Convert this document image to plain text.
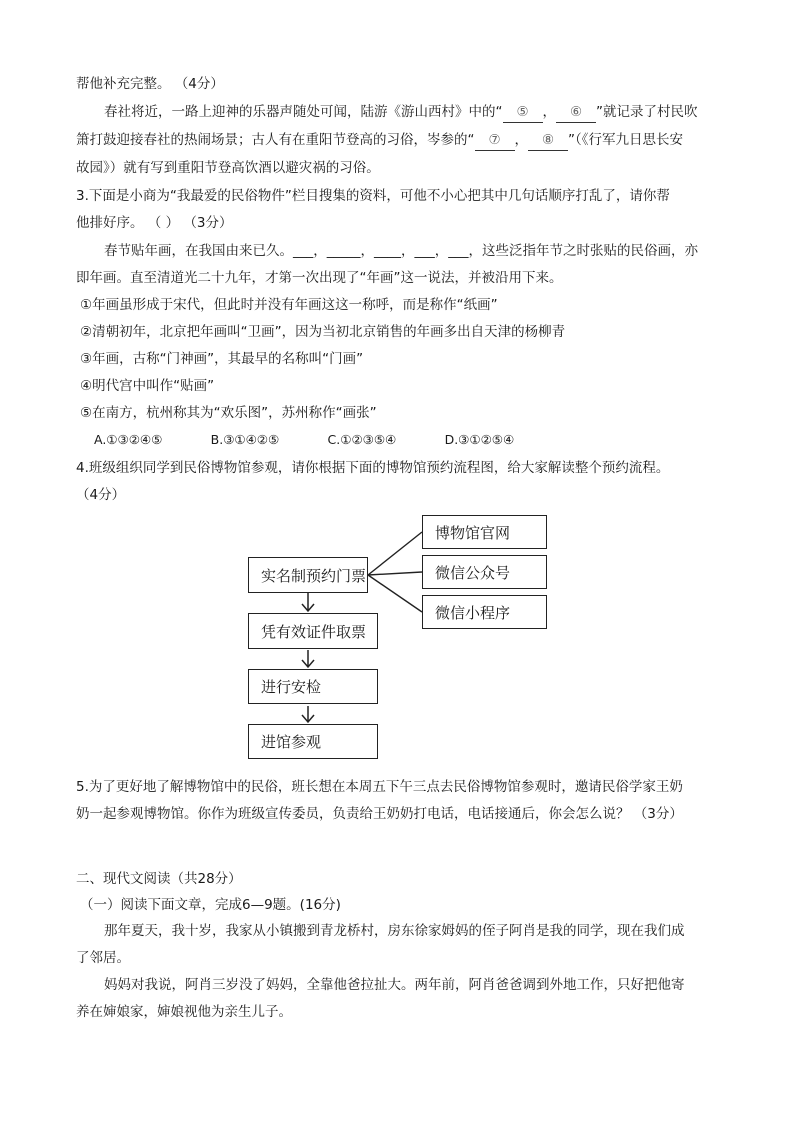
帮他补充完整。 （4分）
春社将近，一路上迎神的乐器声随处可闻，陆游《游山西村》中的“ ⑤ ， ⑥ ”就记录了村民吹
箫打鼓迎接春社的热闹场景；古人有在重阳节登高的习俗，岑参的“ ⑦ ， ⑧ ”（《行军九日思长安
故园》）就有写到重阳节登高饮酒以避灾祸的习俗。
3.下面是小商为“我最爱的民俗物件”栏目搜集的资料，可他不小心把其中几句话顺序打乱了，请你帮
他排好序。 （ ） （3分）
春节贴年画，在我国由来已久。___，_____，____，___，___，这些泛指年节之时张贴的民俗画，亦
即年画。直至清道光二十九年，才第一次出现了“年画”这一说法，并被沿用下来。
①年画虽形成于宋代，但此时并没有年画这这一称呼，而是称作“纸画”
②清朝初年，北京把年画叫“卫画”，因为当初北京销售的年画多出自天津的杨柳青
③年画，古称“门神画”，其最早的名称叫“门画”
④明代宫中叫作“贴画”
⑤在南方，杭州称其为“欢乐图”，苏州称作“画张”
A.①③②④⑤	B.③①④②⑤	C.①②③⑤④	D.③①②⑤④
4.班级组织同学到民俗博物馆参观，请你根据下面的博物馆预约流程图，给大家解读整个预约流程。
（4分）
实名制预约门票
凭有效证件取票
进行安检
进馆参观
博物馆官网
微信公众号
微信小程序
5.为了更好地了解博物馆中的民俗，班长想在本周五下午三点去民俗博物馆参观时，邀请民俗学家王奶
奶一起参观博物馆。你作为班级宣传委员，负责给王奶奶打电话，电话接通后，你会怎么说？ （3分）
二、现代文阅读（共28分）
（一）阅读下面文章，完成6—9题。(16分)
那年夏天，我十岁，我家从小镇搬到青龙桥村，房东徐家姆妈的侄子阿肖是我的同学，现在我们成
了邻居。
妈妈对我说，阿肖三岁没了妈妈，全靠他爸拉扯大。两年前，阿肖爸爸调到外地工作，只好把他寄
养在婶娘家，婶娘视他为亲生儿子。
